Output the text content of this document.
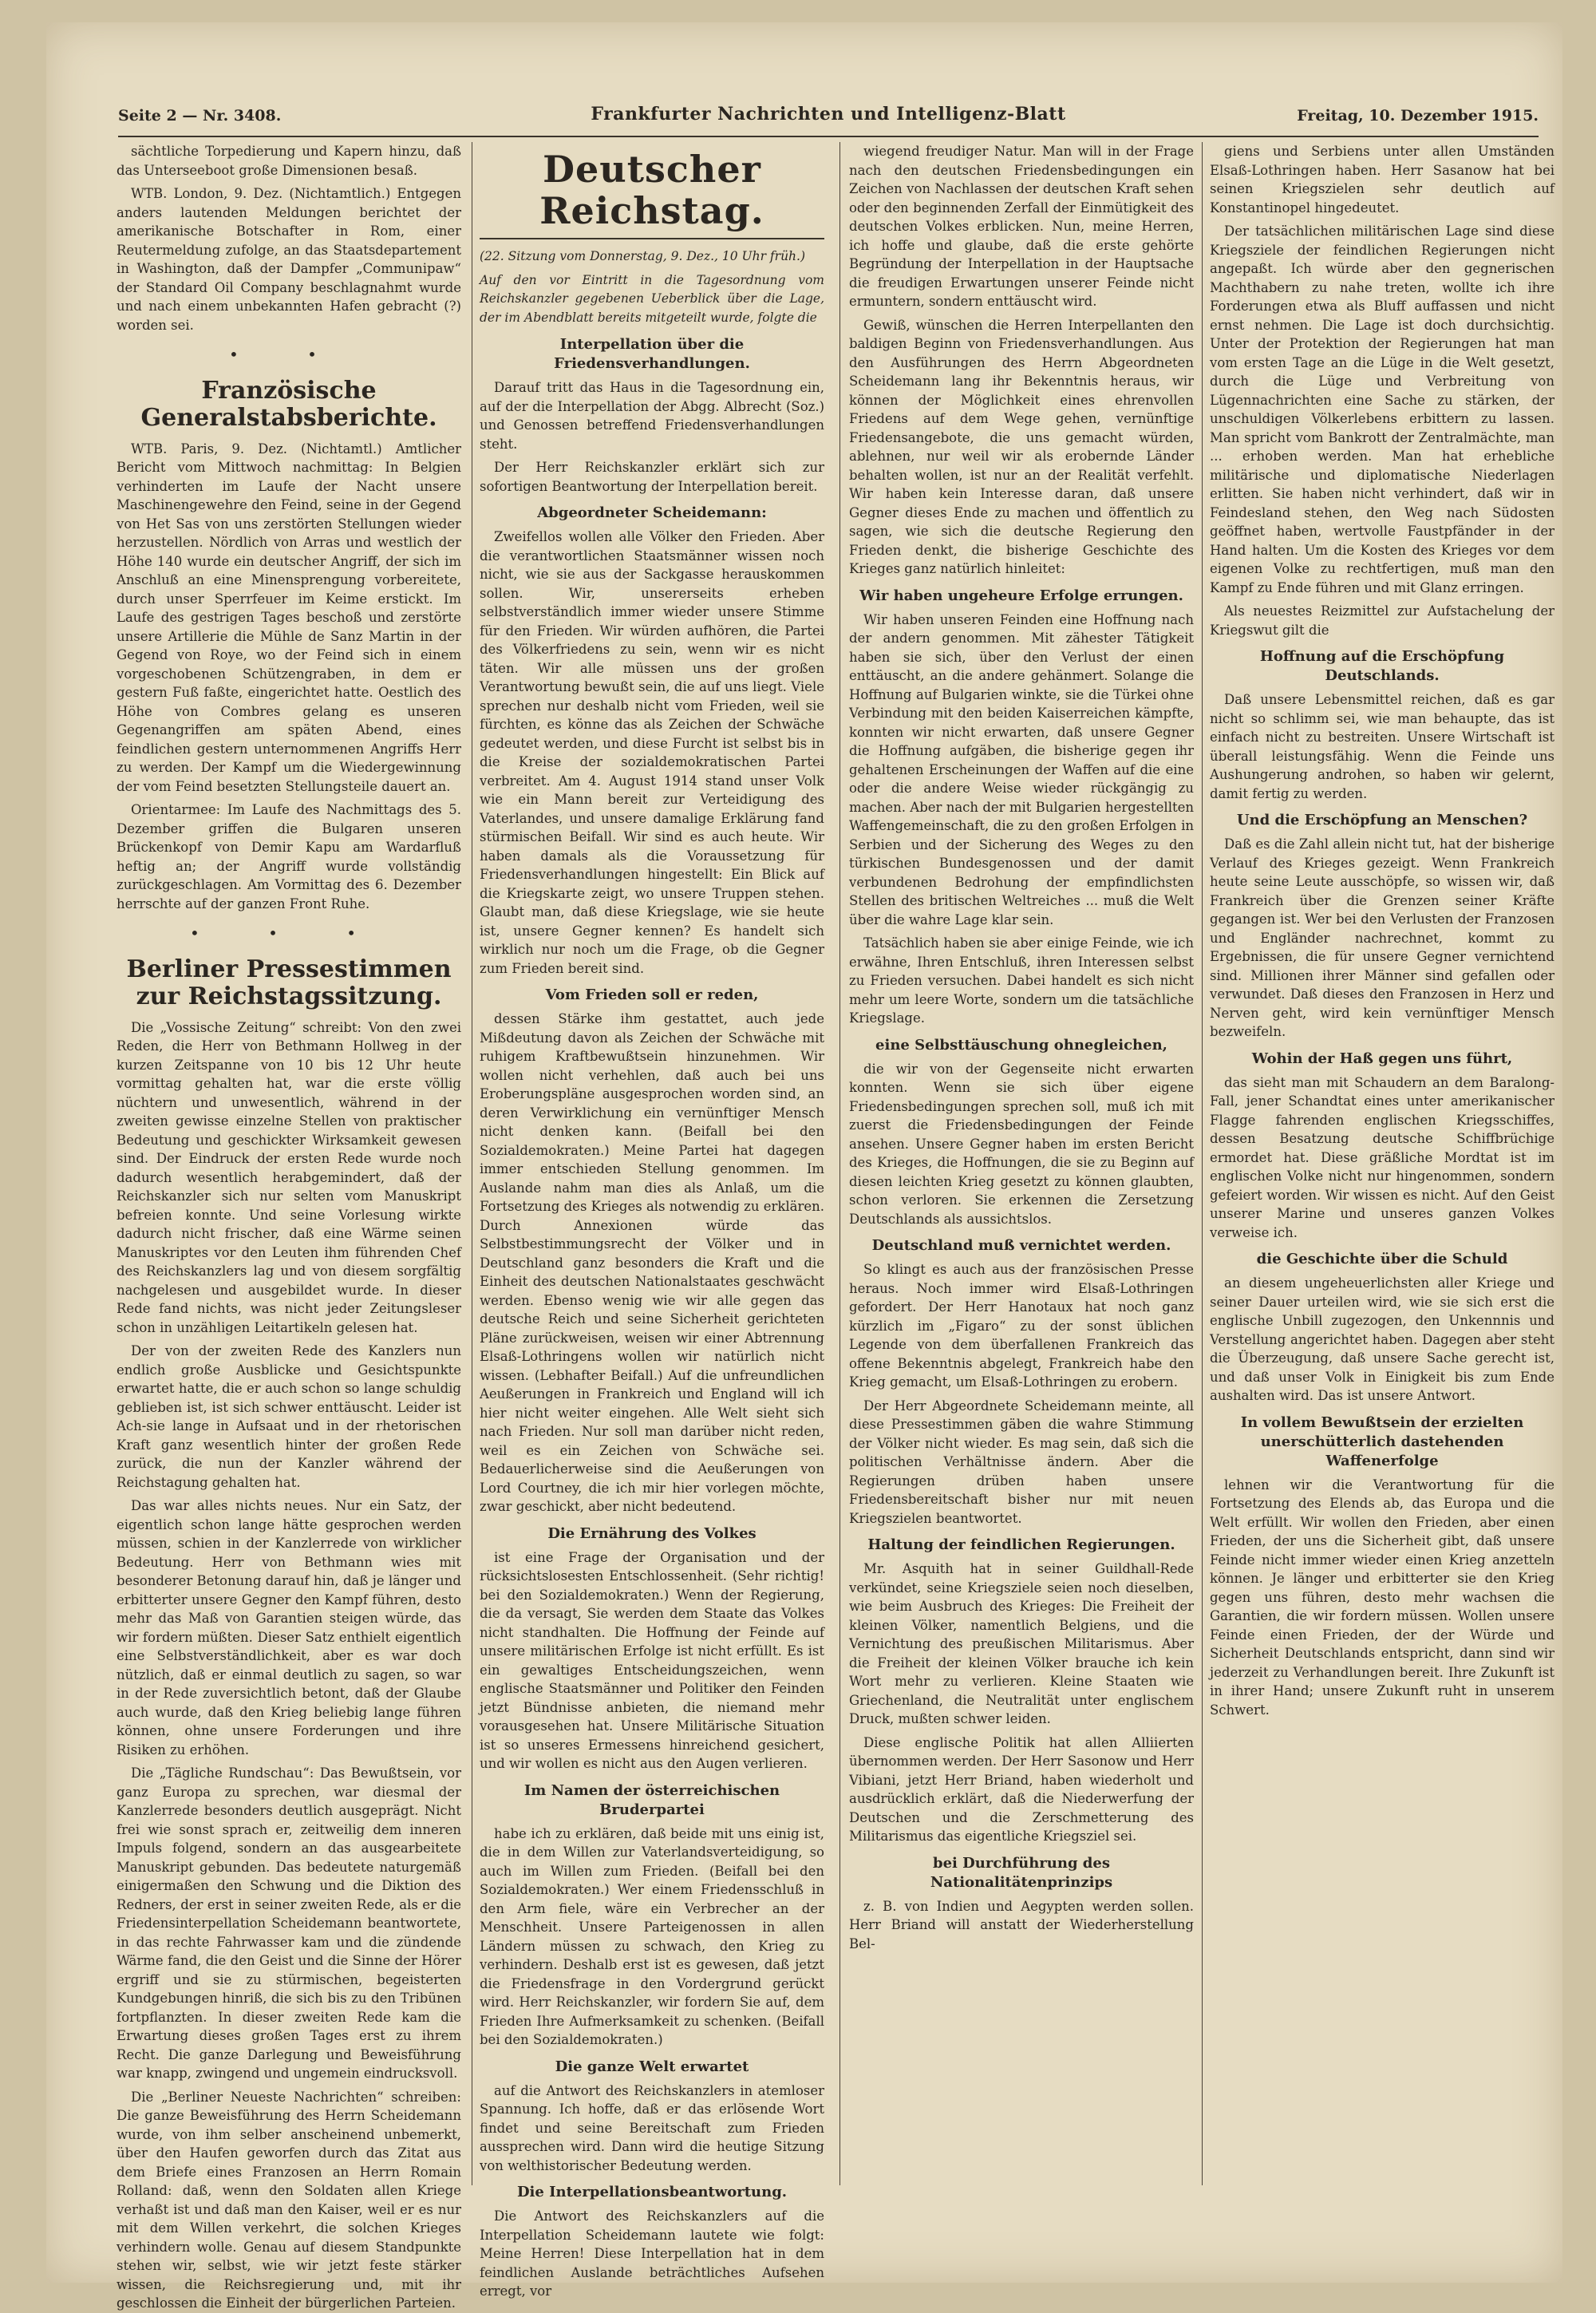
Seite 2 — Nr. 3408.	Frankfurter Nachrichten und Intelligenz-Blatt	Freitag, 10. Dezember 1915.

sächtliche Torpedierung und Kapern hinzu, daß das Unterseeboot große Dimensionen besaß.

WTB. London, 9. Dez. (Nichtamtlich.) Entgegen anders lautenden Meldungen berichtet der amerikanische Botschafter in Rom, einer Reutermeldung zufolge, an das Staatsdepartement in Washington, daß der Dampfer „Communipaw“ der Standard Oil Company beschlagnahmt wurde und nach einem unbekannten Hafen gebracht (?) worden sei.

• •

Französische Generalstabsberichte.

WTB. Paris, 9. Dez. (Nichtamtl.) Amtlicher Bericht vom Mittwoch nachmittag: In Belgien verhinderten im Laufe der Nacht unsere Maschinengewehre den Feind, seine in der Gegend von Het Sas von uns zerstörten Stellungen wieder herzustellen. Nördlich von Arras und westlich der Höhe 140 wurde ein deutscher Angriff, der sich im Anschluß an eine Minensprengung vorbereitete, durch unser Sperrfeuer im Keime erstickt. Im Laufe des gestrigen Tages beschoß und zerstörte unsere Artillerie die Mühle de Sanz Martin in der Gegend von Roye, wo der Feind sich in einem vorgeschobenen Schützengraben, in dem er gestern Fuß faßte, eingerichtet hatte. Oestlich des Höhe von Combres gelang es unseren Gegenangriffen am späten Abend, eines feindlichen gestern unternommenen Angriffs Herr zu werden. Der Kampf um die Wiedergewinnung der vom Feind besetzten Stellungsteile dauert an.

Orientarmee: Im Laufe des Nachmittags des 5. Dezember griffen die Bulgaren unseren Brückenkopf von Demir Kapu am Wardarfluß heftig an; der Angriff wurde vollständig zurückgeschlagen. Am Vormittag des 6. Dezember herrschte auf der ganzen Front Ruhe.

• • •

Berliner Pressestimmen zur Reichstagssitzung.

Die „Vossische Zeitung“ schreibt: Von den zwei Reden, die Herr von Bethmann Hollweg in der kurzen Zeitspanne von 10 bis 12 Uhr heute vormittag gehalten hat, war die erste völlig nüchtern und unwesentlich, während in der zweiten gewisse einzelne Stellen von praktischer Bedeutung und geschickter Wirksamkeit gewesen sind. Der Eindruck der ersten Rede wurde noch dadurch wesentlich herabgemindert, daß der Reichskanzler sich nur selten vom Manuskript befreien konnte. Und seine Vorlesung wirkte dadurch nicht frischer, daß eine Wärme seinen Manuskriptes vor den Leuten ihm führenden Chef des Reichskanzlers lag und von diesem sorgfältig nachgelesen und ausgebildet wurde. In dieser Rede fand nichts, was nicht jeder Zeitungsleser schon in unzähligen Leitartikeln gelesen hat.

Der von der zweiten Rede des Kanzlers nun endlich große Ausblicke und Gesichtspunkte erwartet hatte, die er auch schon so lange schuldig geblieben ist, ist sich schwer enttäuscht. Leider ist Ach-sie lange in Aufsaat und in der rhetorischen Kraft ganz wesentlich hinter der großen Rede zurück, die nun der Kanzler während der Reichstagung gehalten hat.

Das war alles nichts neues. Nur ein Satz, der eigentlich schon lange hätte gesprochen werden müssen, schien in der Kanzlerrede von wirklicher Bedeutung. Herr von Bethmann wies mit besonderer Betonung darauf hin, daß je länger und erbitterter unsere Gegner den Kampf führen, desto mehr das Maß von Garantien steigen würde, das wir fordern müßten. Dieser Satz enthielt eigentlich eine Selbstverständlichkeit, aber es war doch nützlich, daß er einmal deutlich zu sagen, so war in der Rede zuversichtlich betont, daß der Glaube auch wurde, daß den Krieg beliebig lange führen können, ohne unsere Forderungen und ihre Risiken zu erhöhen.

Die „Tägliche Rundschau“: Das Bewußtsein, vor ganz Europa zu sprechen, war diesmal der Kanzlerrede besonders deutlich ausgeprägt. Nicht frei wie sonst sprach er, zeitweilig dem inneren Impuls folgend, sondern an das ausgearbeitete Manuskript gebunden. Das bedeutete naturgemäß einigermaßen den Schwung und die Diktion des Redners, der erst in seiner zweiten Rede, als er die Friedensinterpellation Scheidemann beantwortete, in das rechte Fahrwasser kam und die zündende Wärme fand, die den Geist und die Sinne der Hörer ergriff und sie zu stürmischen, begeisterten Kundgebungen hinriß, die sich bis zu den Tribünen fortpflanzten. In dieser zweiten Rede kam die Erwartung dieses großen Tages erst zu ihrem Recht. Die ganze Darlegung und Beweisführung war knapp, zwingend und ungemein eindrucksvoll.

Die „Berliner Neueste Nachrichten“ schreiben: Die ganze Beweisführung des Herrn Scheidemann wurde, von ihm selber anscheinend unbemerkt, über den Haufen geworfen durch das Zitat aus dem Briefe eines Franzosen an Herrn Romain Rolland: daß, wenn den Soldaten allen Kriege verhaßt ist und daß man den Kaiser, weil er es nur mit dem Willen verkehrt, die solchen Krieges verhindern wolle. Genau auf diesem Standpunkte stehen wir, selbst, wie wir jetzt feste stärker wissen, die Reichsregierung und, mit ihr geschlossen die Einheit der bürgerlichen Parteien.

Deutscher Reichstag.

(22. Sitzung vom Donnerstag, 9. Dez., 10 Uhr früh.)

Auf den vor Eintritt in die Tagesordnung vom Reichskanzler gegebenen Ueberblick über die Lage, der im Abendblatt bereits mitgeteilt wurde, folgte die

Interpellation über die Friedensverhandlungen.

Darauf tritt das Haus in die Tagesordnung ein, auf der die Interpellation der Abgg. Albrecht (Soz.) und Genossen betreffend Friedensverhandlungen steht.

Der Herr Reichskanzler erklärt sich zur sofortigen Beantwortung der Interpellation bereit.

Abgeordneter Scheidemann:

Zweifellos wollen alle Völker den Frieden. Aber die verantwortlichen Staatsmänner wissen noch nicht, wie sie aus der Sackgasse herauskommen sollen. Wir, unsererseits erheben selbstverständlich immer wieder unsere Stimme für den Frieden. Wir würden aufhören, die Partei des Völkerfriedens zu sein, wenn wir es nicht täten. Wir alle müssen uns der großen Verantwortung bewußt sein, die auf uns liegt. Viele sprechen nur deshalb nicht vom Frieden, weil sie fürchten, es könne das als Zeichen der Schwäche gedeutet werden, und diese Furcht ist selbst bis in die Kreise der sozialdemokratischen Partei verbreitet. Am 4. August 1914 stand unser Volk wie ein Mann bereit zur Verteidigung des Vaterlandes, und unsere damalige Erklärung fand stürmischen Beifall. Wir sind es auch heute. Wir haben damals als die Voraussetzung für Friedensverhandlungen hingestellt: Ein Blick auf die Kriegskarte zeigt, wo unsere Truppen stehen. Glaubt man, daß diese Kriegslage, wie sie heute ist, unsere Gegner kennen? Es handelt sich wirklich nur noch um die Frage, ob die Gegner zum Frieden bereit sind.

Vom Frieden soll er reden,

dessen Stärke ihm gestattet, auch jede Mißdeutung davon als Zeichen der Schwäche mit ruhigem Kraftbewußtsein hinzunehmen. Wir wollen nicht verhehlen, daß auch bei uns Eroberungspläne ausgesprochen worden sind, an deren Verwirklichung ein vernünftiger Mensch nicht denken kann. (Beifall bei den Sozialdemokraten.) Meine Partei hat dagegen immer entschieden Stellung genommen. Im Auslande nahm man dies als Anlaß, um die Fortsetzung des Krieges als notwendig zu erklären. Durch Annexionen würde das Selbstbestimmungsrecht der Völker und in Deutschland ganz besonders die Kraft und die Einheit des deutschen Nationalstaates geschwächt werden. Ebenso wenig wie wir alle gegen das deutsche Reich und seine Sicherheit gerichteten Pläne zurückweisen, weisen wir einer Abtrennung Elsaß-Lothringens wollen wir natürlich nicht wissen. (Lebhafter Beifall.) Auf die unfreundlichen Aeußerungen in Frankreich und England will ich hier nicht weiter eingehen. Alle Welt sieht sich nach Frieden. Nur soll man darüber nicht reden, weil es ein Zeichen von Schwäche sei. Bedauerlicherweise sind die Aeußerungen von Lord Courtney, die ich mir hier vorlegen möchte, zwar geschickt, aber nicht bedeutend.

Die Ernährung des Volkes

ist eine Frage der Organisation und der rücksichtslosesten Entschlossenheit. (Sehr richtig! bei den Sozialdemokraten.) Wenn der Regierung, die da versagt, Sie werden dem Staate das Volkes nicht standhalten. Die Hoffnung der Feinde auf unsere militärischen Erfolge ist nicht erfüllt. Es ist ein gewaltiges Entscheidungszeichen, wenn englische Staatsmänner und Politiker den Feinden jetzt Bündnisse anbieten, die niemand mehr vorausgesehen hat. Unsere Militärische Situation ist so unseres Ermessens hinreichend gesichert, und wir wollen es nicht aus den Augen verlieren.

Im Namen der österreichischen Bruderpartei

habe ich zu erklären, daß beide mit uns einig ist, die in dem Willen zur Vaterlandsverteidigung, so auch im Willen zum Frieden. (Beifall bei den Sozialdemokraten.) Wer einem Friedensschluß in den Arm fiele, wäre ein Verbrecher an der Menschheit. Unsere Parteigenossen in allen Ländern müssen zu schwach, den Krieg zu verhindern. Deshalb erst ist es gewesen, daß jetzt die Friedensfrage in den Vordergrund gerückt wird. Herr Reichskanzler, wir fordern Sie auf, dem Frieden Ihre Aufmerksamkeit zu schenken. (Beifall bei den Sozialdemokraten.)

Die ganze Welt erwartet

auf die Antwort des Reichskanzlers in atemloser Spannung. Ich hoffe, daß er das erlösende Wort findet und seine Bereitschaft zum Frieden aussprechen wird. Dann wird die heutige Sitzung von welthistorischer Bedeutung werden.

Die Interpellationsbeantwortung.

Die Antwort des Reichskanzlers auf die Interpellation Scheidemann lautete wie folgt: Meine Herren! Diese Interpellation hat in dem feindlichen Auslande beträchtliches Aufsehen erregt, vor

wiegend freudiger Natur. Man will in der Frage nach den deutschen Friedensbedingungen ein Zeichen von Nachlassen der deutschen Kraft sehen oder den beginnenden Zerfall der Einmütigkeit des deutschen Volkes erblicken. Nun, meine Herren, ich hoffe und glaube, daß die erste gehörte Begründung der Interpellation in der Hauptsache die freudigen Erwartungen unserer Feinde nicht ermuntern, sondern enttäuscht wird.

Gewiß, wünschen die Herren Interpellanten den baldigen Beginn von Friedensverhandlungen. Aus den Ausführungen des Herrn Abgeordneten Scheidemann lang ihr Bekenntnis heraus, wir können der Möglichkeit eines ehrenvollen Friedens auf dem Wege gehen, vernünftige Friedensangebote, die uns gemacht würden, ablehnen, nur weil wir als erobernde Länder behalten wollen, ist nur an der Realität verfehlt. Wir haben kein Interesse daran, daß unsere Gegner dieses Ende zu machen und öffentlich zu sagen, wie sich die deutsche Regierung den Frieden denkt, die bisherige Geschichte des Krieges ganz natürlich hinleitet:

Wir haben ungeheure Erfolge errungen.

Wir haben unseren Feinden eine Hoffnung nach der andern genommen. Mit zähester Tätigkeit haben sie sich, über den Verlust der einen enttäuscht, an die andere gehänmert. Solange die Hoffnung auf Bulgarien winkte, sie die Türkei ohne Verbindung mit den beiden Kaiserreichen kämpfte, konnten wir nicht erwarten, daß unsere Gegner die Hoffnung aufgäben, die bisherige gegen ihr gehaltenen Erscheinungen der Waffen auf die eine oder die andere Weise wieder rückgängig zu machen. Aber nach der mit Bulgarien hergestellten Waffengemeinschaft, die zu den großen Erfolgen in Serbien und der Sicherung des Weges zu den türkischen Bundesgenossen und der damit verbundenen Bedrohung der empfindlichsten Stellen des britischen Weltreiches ... muß die Welt über die wahre Lage klar sein.

Tatsächlich haben sie aber einige Feinde, wie ich erwähne, Ihren Entschluß, ihren Interessen selbst zu Frieden versuchen. Dabei handelt es sich nicht mehr um leere Worte, sondern um die tatsächliche Kriegslage.

eine Selbsttäuschung ohnegleichen,

die wir von der Gegenseite nicht erwarten konnten. Wenn sie sich über eigene Friedensbedingungen sprechen soll, muß ich mit zuerst die Friedensbedingungen der Feinde ansehen. Unsere Gegner haben im ersten Bericht des Krieges, die Hoffnungen, die sie zu Beginn auf diesen leichten Krieg gesetzt zu können glaubten, schon verloren. Sie erkennen die Zersetzung Deutschlands als aussichtslos.

Deutschland muß vernichtet werden.

So klingt es auch aus der französischen Presse heraus. Noch immer wird Elsaß-Lothringen gefordert. Der Herr Hanotaux hat noch ganz kürzlich im „Figaro“ zu der sonst üblichen Legende von dem überfallenen Frankreich das offene Bekenntnis abgelegt, Frankreich habe den Krieg gemacht, um Elsaß-Lothringen zu erobern.

Der Herr Abgeordnete Scheidemann meinte, all diese Pressestimmen gäben die wahre Stimmung der Völker nicht wieder. Es mag sein, daß sich die politischen Verhältnisse ändern. Aber die Regierungen drüben haben unsere Friedensbereitschaft bisher nur mit neuen Kriegszielen beantwortet.

Haltung der feindlichen Regierungen.

Mr. Asquith hat in seiner Guildhall-Rede verkündet, seine Kriegsziele seien noch dieselben, wie beim Ausbruch des Krieges: Die Freiheit der kleinen Völker, namentlich Belgiens, und die Vernichtung des preußischen Militarismus. Aber die Freiheit der kleinen Völker brauche ich kein Wort mehr zu verlieren. Kleine Staaten wie Griechenland, die Neutralität unter englischem Druck, mußten schwer leiden.

Diese englische Politik hat allen Alliierten übernommen werden. Der Herr Sasonow und Herr Vibiani, jetzt Herr Briand, haben wiederholt und ausdrücklich erklärt, daß die Niederwerfung der Deutschen und die Zerschmetterung des Militarismus das eigentliche Kriegsziel sei.

bei Durchführung des Nationalitätenprinzips

z. B. von Indien und Aegypten werden sollen. Herr Briand will anstatt der Wiederherstellung Bel-

giens und Serbiens unter allen Umständen Elsaß-Lothringen haben. Herr Sasanow hat bei seinen Kriegszielen sehr deutlich auf Konstantinopel hingedeutet.

Der tatsächlichen militärischen Lage sind diese Kriegsziele der feindlichen Regierungen nicht angepaßt. Ich würde aber den gegnerischen Machthabern zu nahe treten, wollte ich ihre Forderungen etwa als Bluff auffassen und nicht ernst nehmen. Die Lage ist doch durchsichtig. Unter der Protektion der Regierungen hat man vom ersten Tage an die Lüge in die Welt gesetzt, durch die Lüge und Verbreitung von Lügennachrichten eine Sache zu stärken, der unschuldigen Völkerlebens erbittern zu lassen. Man spricht vom Bankrott der Zentralmächte, man ... erhoben werden. Man hat erhebliche militärische und diplomatische Niederlagen erlitten. Sie haben nicht verhindert, daß wir in Feindesland stehen, den Weg nach Südosten geöffnet haben, wertvolle Faustpfänder in der Hand halten. Um die Kosten des Krieges vor dem eigenen Volke zu rechtfertigen, muß man den Kampf zu Ende führen und mit Glanz erringen.

Als neuestes Reizmittel zur Aufstachelung der Kriegswut gilt die

Hoffnung auf die Erschöpfung Deutschlands.

Daß unsere Lebensmittel reichen, daß es gar nicht so schlimm sei, wie man behaupte, das ist einfach nicht zu bestreiten. Unsere Wirtschaft ist überall leistungsfähig. Wenn die Feinde uns Aushungerung androhen, so haben wir gelernt, damit fertig zu werden.

Und die Erschöpfung an Menschen?

Daß es die Zahl allein nicht tut, hat der bisherige Verlauf des Krieges gezeigt. Wenn Frankreich heute seine Leute ausschöpfe, so wissen wir, daß Frankreich über die Grenzen seiner Kräfte gegangen ist. Wer bei den Verlusten der Franzosen und Engländer nachrechnet, kommt zu Ergebnissen, die für unsere Gegner vernichtend sind. Millionen ihrer Männer sind gefallen oder verwundet. Daß dieses den Franzosen in Herz und Nerven geht, wird kein vernünftiger Mensch bezweifeln.

Wohin der Haß gegen uns führt,

das sieht man mit Schaudern an dem Baralong-Fall, jener Schandtat eines unter amerikanischer Flagge fahrenden englischen Kriegsschiffes, dessen Besatzung deutsche Schiffbrüchige ermordet hat. Diese gräßliche Mordtat ist im englischen Volke nicht nur hingenommen, sondern gefeiert worden. Wir wissen es nicht. Auf den Geist unserer Marine und unseres ganzen Volkes verweise ich.

die Geschichte über die Schuld

an diesem ungeheuerlichsten aller Kriege und seiner Dauer urteilen wird, wie sie sich erst die englische Unbill zugezogen, den Unkennnis und Verstellung angerichtet haben. Dagegen aber steht die Überzeugung, daß unsere Sache gerecht ist, und daß unser Volk in Einigkeit bis zum Ende aushalten wird. Das ist unsere Antwort.

In vollem Bewußtsein der erzielten unerschütterlich dastehenden Waffenerfolge

lehnen wir die Verantwortung für die Fortsetzung des Elends ab, das Europa und die Welt erfüllt. Wir wollen den Frieden, aber einen Frieden, der uns die Sicherheit gibt, daß unsere Feinde nicht immer wieder einen Krieg anzetteln können. Je länger und erbitterter sie den Krieg gegen uns führen, desto mehr wachsen die Garantien, die wir fordern müssen. Wollen unsere Feinde einen Frieden, der der Würde und Sicherheit Deutschlands entspricht, dann sind wir jederzeit zu Verhandlungen bereit. Ihre Zukunft ist in ihrer Hand; unsere Zukunft ruht in unserem Schwert.
